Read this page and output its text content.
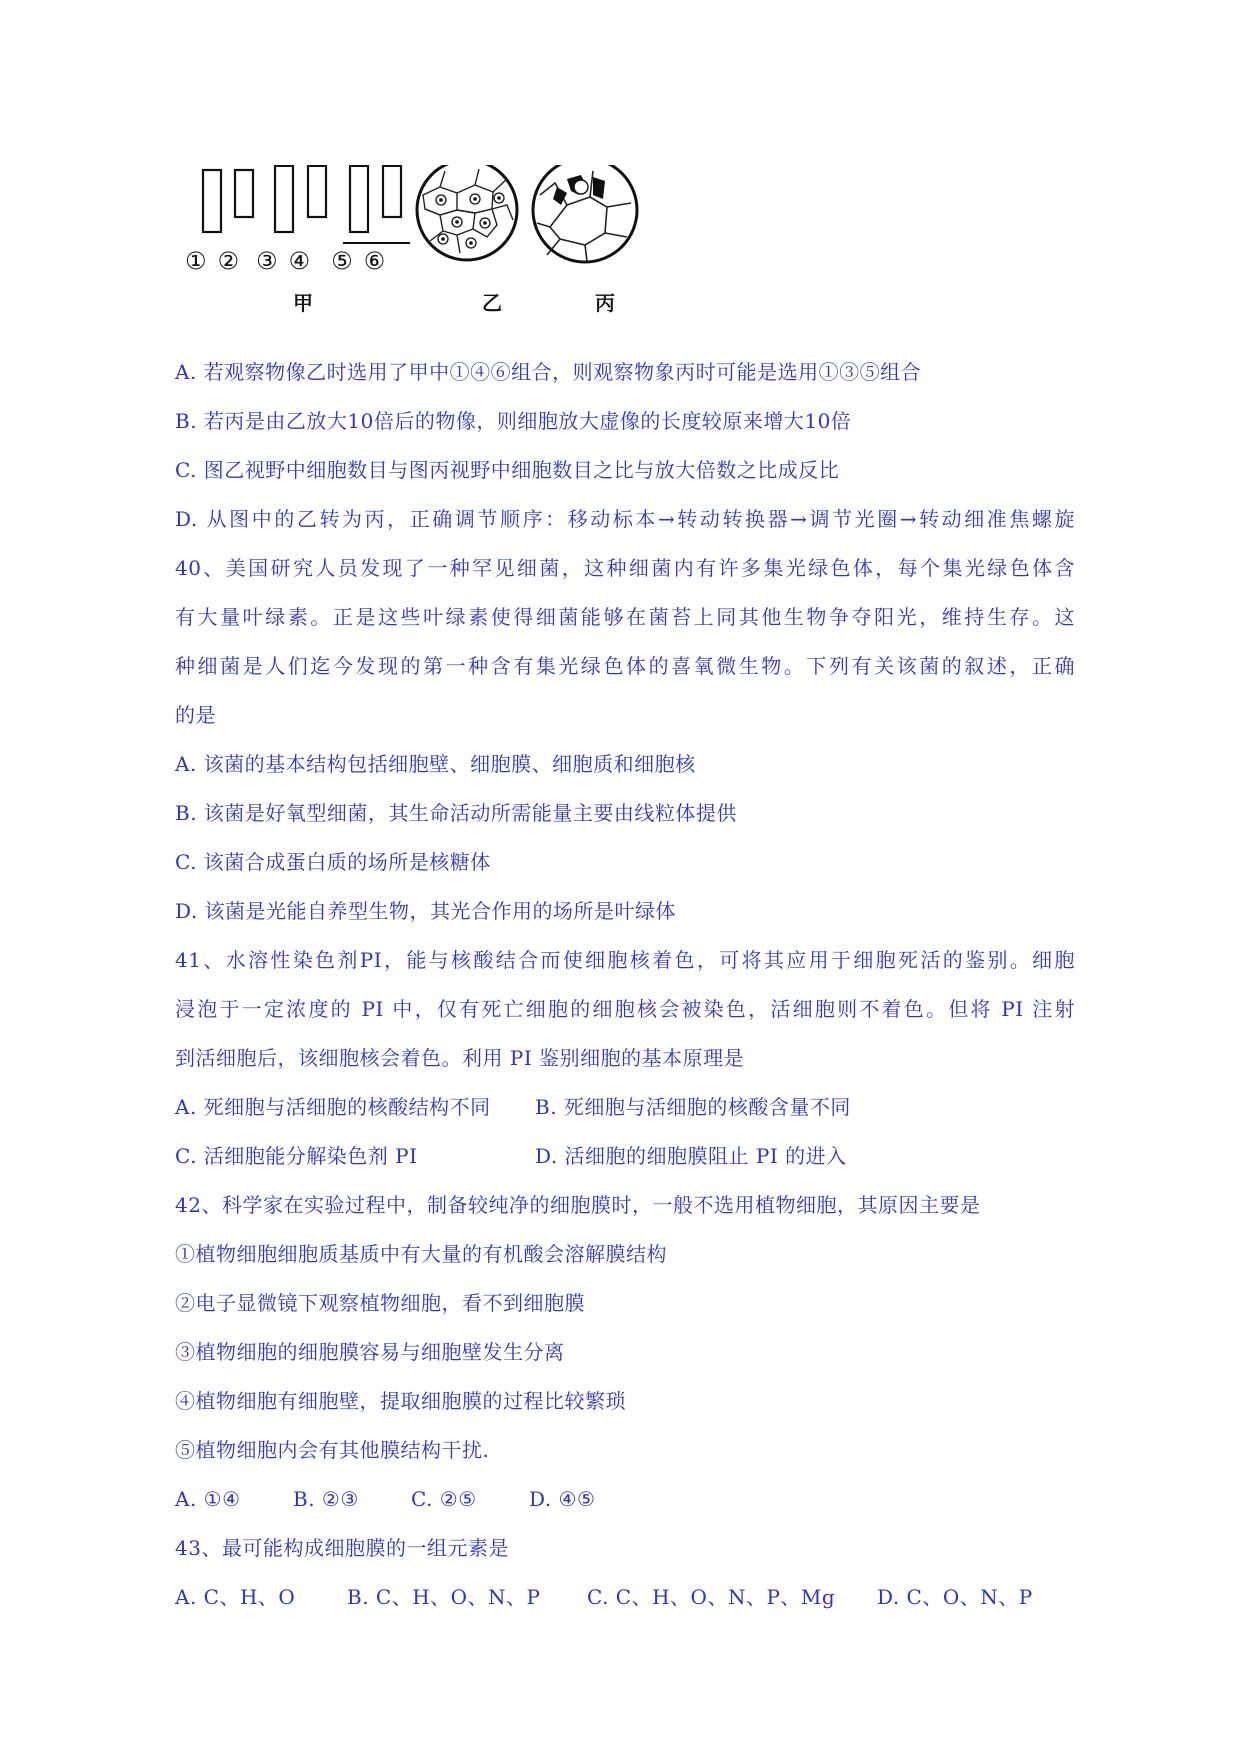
①② ③④ ⑤⑥
甲	乙	丙
A. 若观察物像乙时选用了甲中①④⑥组合，则观察物象丙时可能是选用①③⑤组合
B. 若丙是由乙放大10倍后的物像，则细胞放大虚像的长度较原来增大10倍
C. 图乙视野中细胞数目与图丙视野中细胞数目之比与放大倍数之比成反比
D. 从图中的乙转为丙，正确调节顺序：移动标本→转动转换器→调节光圈→转动细准焦螺旋
40、美国研究人员发现了一种罕见细菌，这种细菌内有许多集光绿色体，每个集光绿色体含
有大量叶绿素。正是这些叶绿素使得细菌能够在菌苔上同其他生物争夺阳光，维持生存。这
种细菌是人们迄今发现的第一种含有集光绿色体的喜氧微生物。下列有关该菌的叙述，正确
的是
A. 该菌的基本结构包括细胞壁、细胞膜、细胞质和细胞核
B. 该菌是好氧型细菌，其生命活动所需能量主要由线粒体提供
C. 该菌合成蛋白质的场所是核糖体
D. 该菌是光能自养型生物，其光合作用的场所是叶绿体
41、水溶性染色剂PI，能与核酸结合而使细胞核着色，可将其应用于细胞死活的鉴别。细胞
浸泡于一定浓度的 PI 中，仅有死亡细胞的细胞核会被染色，活细胞则不着色。但将 PI 注射
到活细胞后，该细胞核会着色。利用 PI 鉴别细胞的基本原理是
A. 死细胞与活细胞的核酸结构不同	B. 死细胞与活细胞的核酸含量不同
C. 活细胞能分解染色剂 PI	D. 活细胞的细胞膜阻止 PI 的进入
42、科学家在实验过程中，制备较纯净的细胞膜时，一般不选用植物细胞，其原因主要是
①植物细胞细胞质基质中有大量的有机酸会溶解膜结构
②电子显微镜下观察植物细胞，看不到细胞膜
③植物细胞的细胞膜容易与细胞壁发生分离
④植物细胞有细胞壁，提取细胞膜的过程比较繁琐
⑤植物细胞内会有其他膜结构干扰.
A. ①④	B. ②③	C. ②⑤	D. ④⑤
43、最可能构成细胞膜的一组元素是
A. C、H、O	B. C、H、O、N、P	C. C、H、O、N、P、Mg	D. C、O、N、P
